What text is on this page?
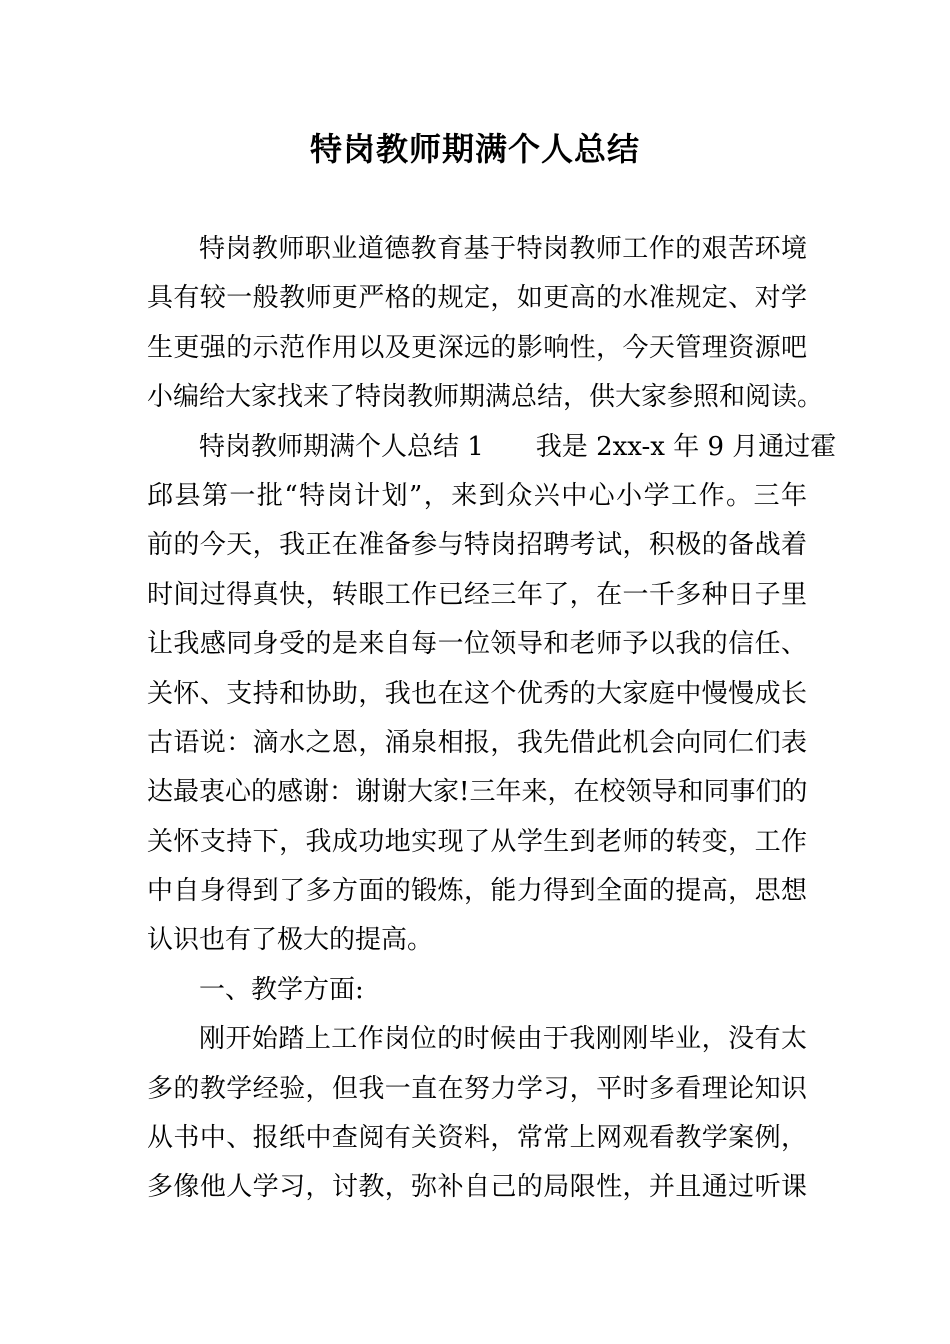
特岗教师期满个人总结
特岗教师职业道德教育基于特岗教师工作的艰苦环境
具有较一般教师更严格的规定，如更高的水准规定、对学
生更强的示范作用以及更深远的影响性，今天管理资源吧
小编给大家找来了特岗教师期满总结，供大家参照和阅读。
特岗教师期满个人总结 1　　我是 2xx-x 年 9 月通过霍
邱县第一批“特岗计划”，来到众兴中心小学工作。三年
前的今天，我正在准备参与特岗招聘考试，积极的备战着
时间过得真快，转眼工作已经三年了，在一千多种日子里
让我感同身受的是来自每一位领导和老师予以我的信任、
关怀、支持和协助，我也在这个优秀的大家庭中慢慢成长
古语说：滴水之恩，涌泉相报，我先借此机会向同仁们表
达最衷心的感谢：谢谢大家!三年来，在校领导和同事们的
关怀支持下，我成功地实现了从学生到老师的转变，工作
中自身得到了多方面的锻炼，能力得到全面的提高，思想
认识也有了极大的提高。
一、教学方面:
刚开始踏上工作岗位的时候由于我刚刚毕业，没有太
多的教学经验，但我一直在努力学习，平时多看理论知识
从书中、报纸中查阅有关资料，常常上网观看教学案例，
多像他人学习，讨教，弥补自己的局限性，并且通过听课
